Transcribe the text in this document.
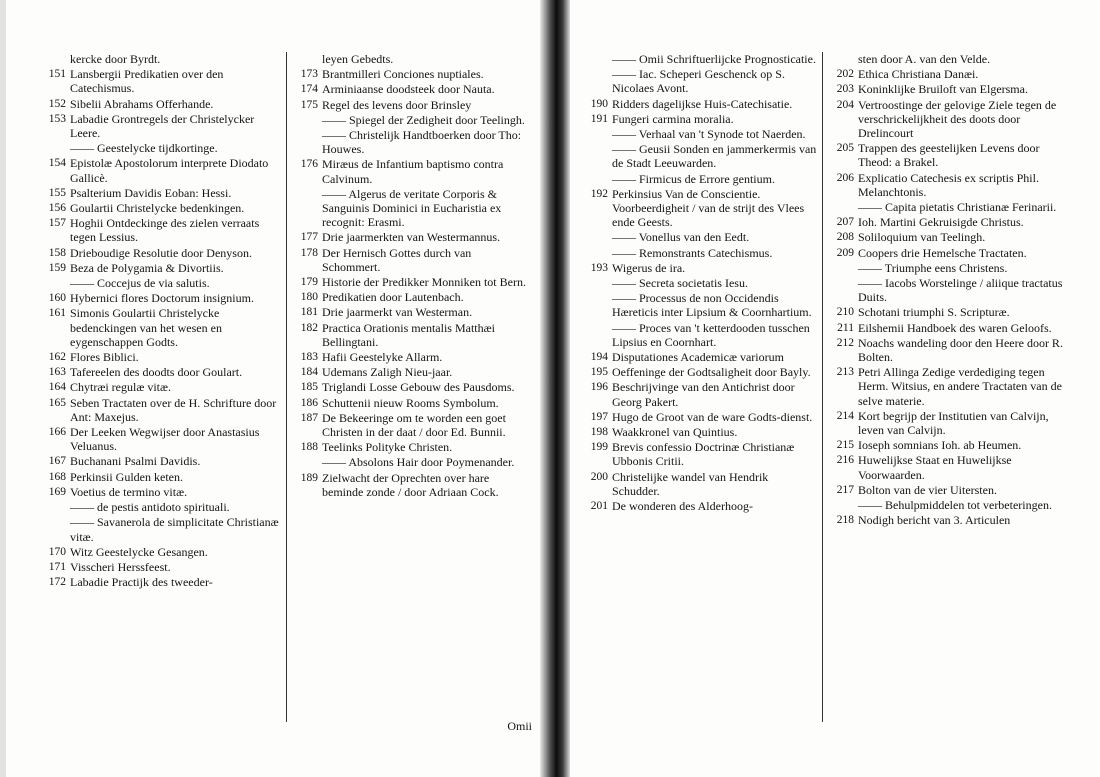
kercke door Byrdt.
151 Lansbergii Predikatien over den Catechismus.
152 Sibelii Abrahams Offerhande.
153 Labadie Grontregels der Christelycker Leere.
—— Geestelycke tijdkortinge.
154 Epistolæ Apostolorum interprete Diodato Gallicè.
155 Psalterium Davidis Eoban: Hessi.
156 Goulartii Christelycke bedenkingen.
157 Hoghii Ontdeckinge des zielen verraats tegen Lessius.
158 Drieboudige Resolutie door Denyson.
159 Beza de Polygamia & Divortiis.
—— Coccejus de via salutis.
160 Hybernici flores Doctorum insignium.
161 Simonis Goulartii Christelycke bedenckingen van het wesen en eygenschappen Godts.
162 Flores Biblici.
163 Tafereelen des doodts door Goulart.
164 Chytræi regulæ vitæ.
165 Seben Tractaten over de H. Schrifture door Ant: Maxejus.
166 Der Leeken Wegwijser door Anastasius Veluanus.
167 Buchanani Psalmi Davidis.
168 Perkinsii Gulden keten.
169 Voetius de termino vitæ.
—— de pestis antidoto spirituali.
—— Savanerola de simplicitate Christianæ vitæ.
170 Witz Geestelycke Gesangen.
171 Visscheri Herssfeest.
172 Labadie Practijk des tweeder-
leyen Gebedts.
173 Brantmilleri Conciones nuptiales.
174 Arminiaanse doodsteek door Nauta.
175 Regel des levens door Brinsley
—— Spiegel der Zedigheit door Teelingh.
—— Christelijk Handtboerken door Tho: Houwes.
176 Miræus de Infantium baptismo contra Calvinum.
—— Algerus de veritate Corporis & Sanguinis Dominici in Eucharistia ex recognit: Erasmi.
177 Drie jaarmerkten van Westermannus.
178 Der Hernisch Gottes durch van Schommert.
179 Historie der Predikker Monniken tot Bern.
180 Predikatien door Lautenbach.
181 Drie jaarmerkt van Westerman.
182 Practica Orationis mentalis Matthæi Bellingtani.
183 Hafii Geestelyke Allarm.
184 Udemans Zaligh Nieu-jaar.
185 Triglandi Losse Gebouw des Pausdoms.
186 Schuttenii nieuw Rooms Symbolum.
187 De Bekeeringe om te worden een goet Christen in der daat / door Ed. Bunnii.
188 Teelinks Polityke Christen.
—— Absolons Hair door Poymenander.
189 Zielwacht der Oprechten over hare bemindе zonde / door Adriaan Cock.
Omii
—— Omii Schriftuerlijcke Prognosticatie.
—— Iac. Scheperi Geschenck op S. Nicolaes Avont.
190 Ridders dagelijkse Huis-Catechisatie.
191 Fungeri carmina moralia.
—— Verhaal van 't Synode tot Naerden.
—— Geusii Sonden en jammerkermis van de Stadt Leeuwarden.
—— Firmicus de Errore gentium.
192 Perkinsius Van de Conscientie. Voorbeerdigheit / van de strijt des Vlees ende Geests.
—— Vonellus van den Eedt.
—— Remonstrants Catechismus.
193 Wigerus de ira.
—— Secreta societatis Iesu.
—— Processus de non Occidendis Hæreticis inter Lipsium & Coornhartium.
—— Proces van 't ketterdooden tusschen Lipsius en Coornhart.
194 Disputationes Academicæ variorum
195 Oeffeninge der Godtsaligheit door Bayly.
196 Beschrijvinge van den Antichrist door Georg Pakert.
197 Hugo de Groot van de ware Godts-dienst.
198 Waakkronel van Quintius.
199 Brevis confessio Doctrinæ Christianæ Ubbonis Critii.
200 Christelijke wandel van Hendrik Schudder.
201 De wonderen des Alderhoog-
sten door A. van den Velde.
202 Ethica Christiana Danæi.
203 Koninklijke Bruiloft van Elgersma.
204 Vertroostinge der gelovige Ziele tegen de verschrickelijkheit des doots door Drelincourt
205 Trappen des geestelijken Levens door Theod: a Brakel.
206 Explicatio Catechesis ex scriptis Phil. Melanchtonis.
—— Capita pietatis Christianæ Ferinarii.
207 Ioh. Martini Gekruisigde Christus.
208 Soliloquium van Teelingh.
209 Coopers drie Hemelsche Tractaten.
—— Triumphe eens Christens.
—— Iacobs Worstelinge / aliique tractatus Duits.
210 Schotani triumphi S. Scripturæ.
211 Eilshemii Handboek des waren Geloofs.
212 Noachs wandeling door den Heere door R. Bolten.
213 Petri Allinga Zedige verdediging tegen Herm. Witsius, en andere Tractaten van de selve materie.
214 Kort begrijp der Institutien van Calvijn, leven van Calvijn.
215 Ioseph somnians Ioh. ab Heumen.
216 Huwelijkse Staat en Huwelijkse Voorwaarden.
217 Bolton van de vier Uitersten.
—— Behulpmiddelen tot verbeteringen.
218 Nodigh bericht van 3. Articulen
